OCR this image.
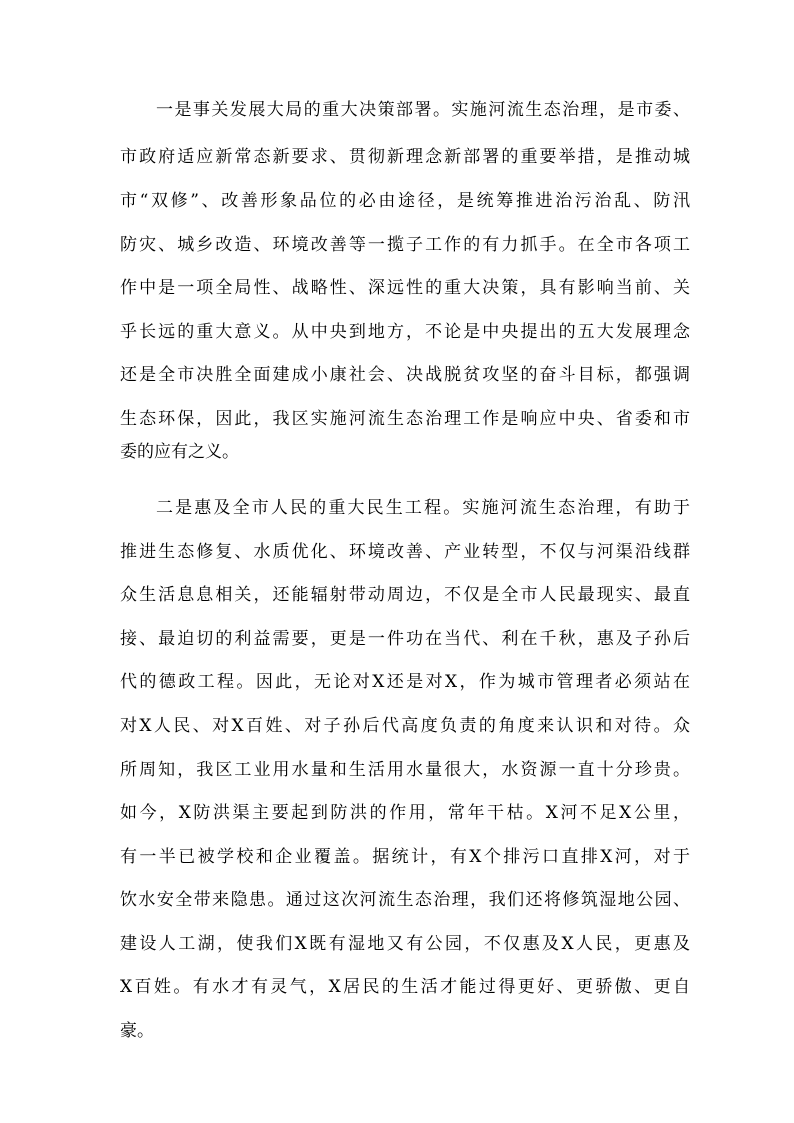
一是事关发展大局的重大决策部署。实施河流生态治理，是市委、
市政府适应新常态新要求、贯彻新理念新部署的重要举措，是推动城
市“双修”、改善形象品位的必由途径，是统筹推进治污治乱、防汛
防灾、城乡改造、环境改善等一揽子工作的有力抓手。在全市各项工
作中是一项全局性、战略性、深远性的重大决策，具有影响当前、关
乎长远的重大意义。从中央到地方，不论是中央提出的五大发展理念
还是全市决胜全面建成小康社会、决战脱贫攻坚的奋斗目标，都强调
生态环保，因此，我区实施河流生态治理工作是响应中央、省委和市
委的应有之义。
二是惠及全市人民的重大民生工程。实施河流生态治理，有助于
推进生态修复、水质优化、环境改善、产业转型，不仅与河渠沿线群
众生活息息相关，还能辐射带动周边，不仅是全市人民最现实、最直
接、最迫切的利益需要，更是一件功在当代、利在千秋，惠及子孙后
代的德政工程。因此，无论对X还是对X，作为城市管理者必须站在
对X人民、对X百姓、对子孙后代高度负责的角度来认识和对待。众
所周知，我区工业用水量和生活用水量很大，水资源一直十分珍贵。
如今，X防洪渠主要起到防洪的作用，常年干枯。X河不足X公里，
有一半已被学校和企业覆盖。据统计，有X个排污口直排X河，对于
饮水安全带来隐患。通过这次河流生态治理，我们还将修筑湿地公园、
建设人工湖，使我们X既有湿地又有公园，不仅惠及X人民，更惠及
X百姓。有水才有灵气，X居民的生活才能过得更好、更骄傲、更自
豪。
